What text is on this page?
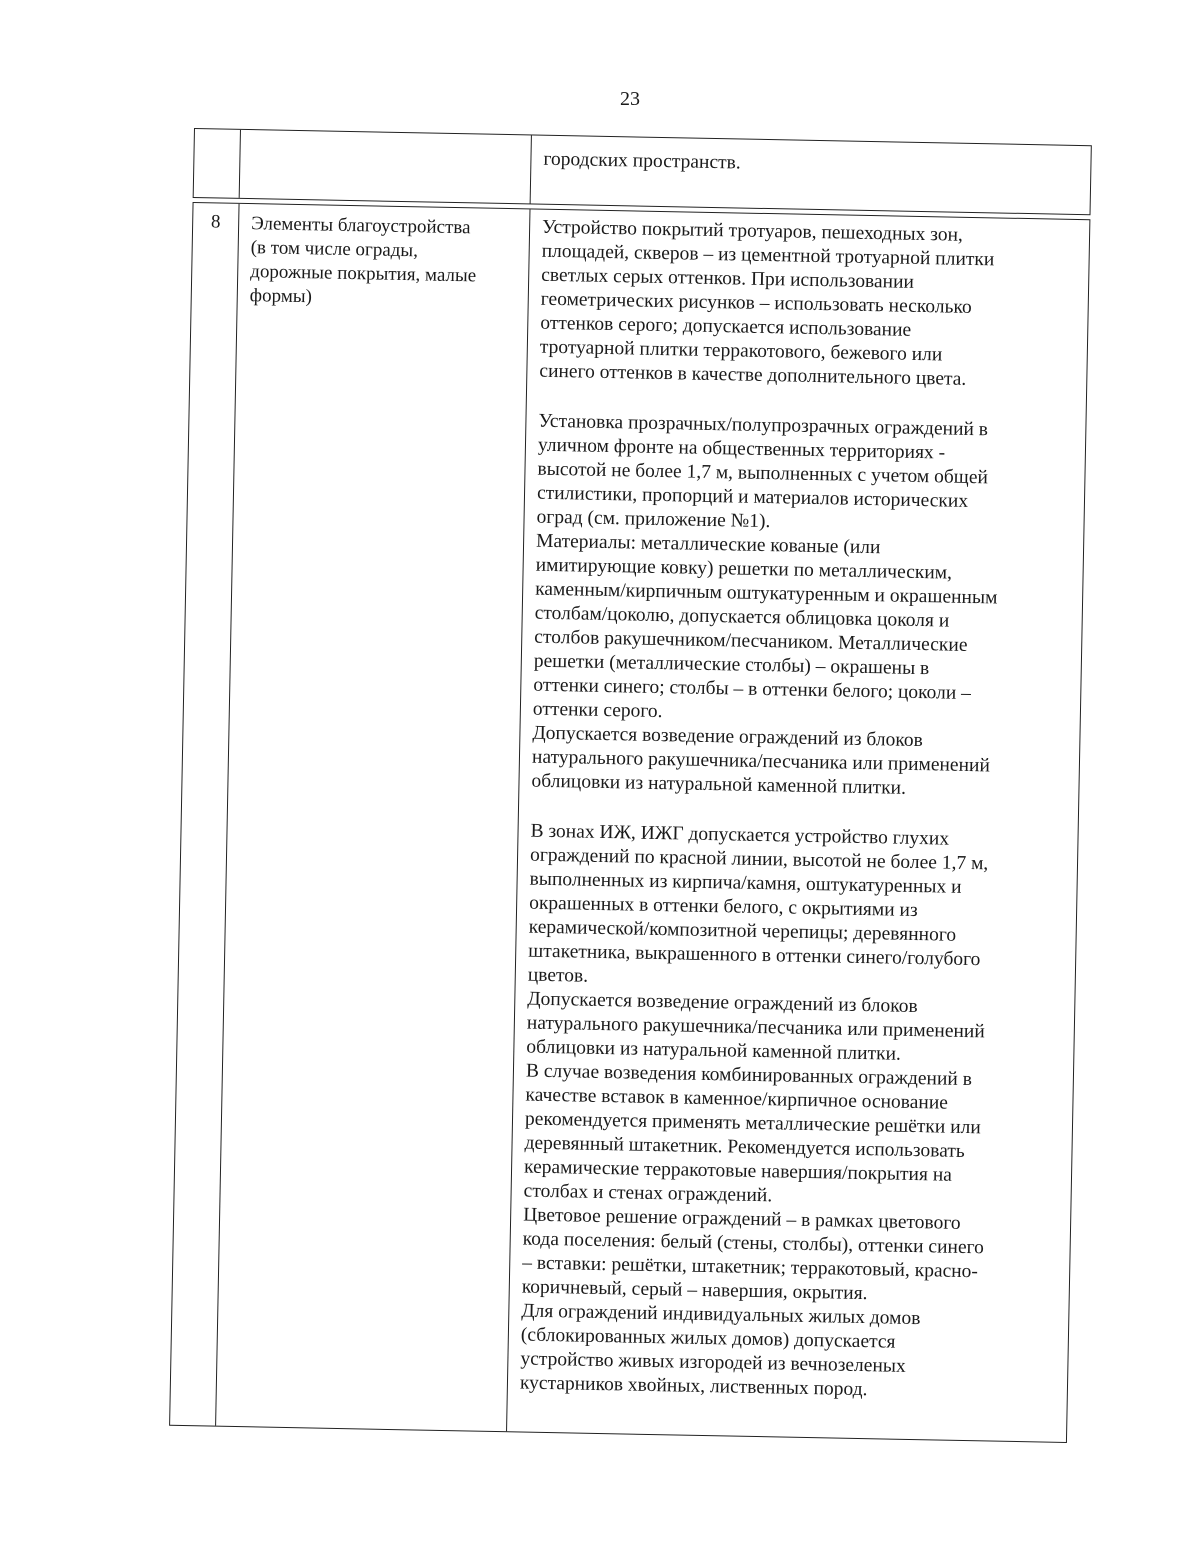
23
городских пространств.
8	Элементы благоустройства
(в том числе ограды,
дорожные покрытия, малые
формы)
Устройство покрытий тротуаров, пешеходных зон,
площадей, скверов – из цементной тротуарной плитки
светлых серых оттенков. При использовании
геометрических рисунков – использовать несколько
оттенков серого; допускается использование
тротуарной плитки терракотового, бежевого или
синего оттенков в качестве дополнительного цвета.
Установка прозрачных/полупрозрачных ограждений в
уличном фронте на общественных территориях -
высотой не более 1,7 м, выполненных с учетом общей
стилистики, пропорций и материалов исторических
оград (см. приложение №1).
Материалы: металлические кованые (или
имитирующие ковку) решетки по металлическим,
каменным/кирпичным оштукатуренным и окрашенным
столбам/цоколю, допускается облицовка цоколя и
столбов ракушечником/песчаником. Металлические
решетки (металлические столбы) – окрашены в
оттенки синего; столбы – в оттенки белого; цоколи –
оттенки серого.
Допускается возведение ограждений из блоков
натурального ракушечника/песчаника или применений
облицовки из натуральной каменной плитки.
В зонах ИЖ, ИЖГ допускается устройство глухих
ограждений по красной линии, высотой не более 1,7 м,
выполненных из кирпича/камня, оштукатуренных и
окрашенных в оттенки белого, с окрытиями из
керамической/композитной черепицы; деревянного
штакетника, выкрашенного в оттенки синего/голубого
цветов.
Допускается возведение ограждений из блоков
натурального ракушечника/песчаника или применений
облицовки из натуральной каменной плитки.
В случае возведения комбинированных ограждений в
качестве вставок в каменное/кирпичное основание
рекомендуется применять металлические решётки или
деревянный штакетник. Рекомендуется использовать
керамические терракотовые навершия/покрытия на
столбах и стенах ограждений.
Цветовое решение ограждений – в рамках цветового
кода поселения: белый (стены, столбы), оттенки синего
– вставки: решётки, штакетник; терракотовый, красно-
коричневый, серый – навершия, окрытия.
Для ограждений индивидуальных жилых домов
(сблокированных жилых домов) допускается
устройство живых изгородей из вечнозеленых
кустарников хвойных, лиственных пород.
